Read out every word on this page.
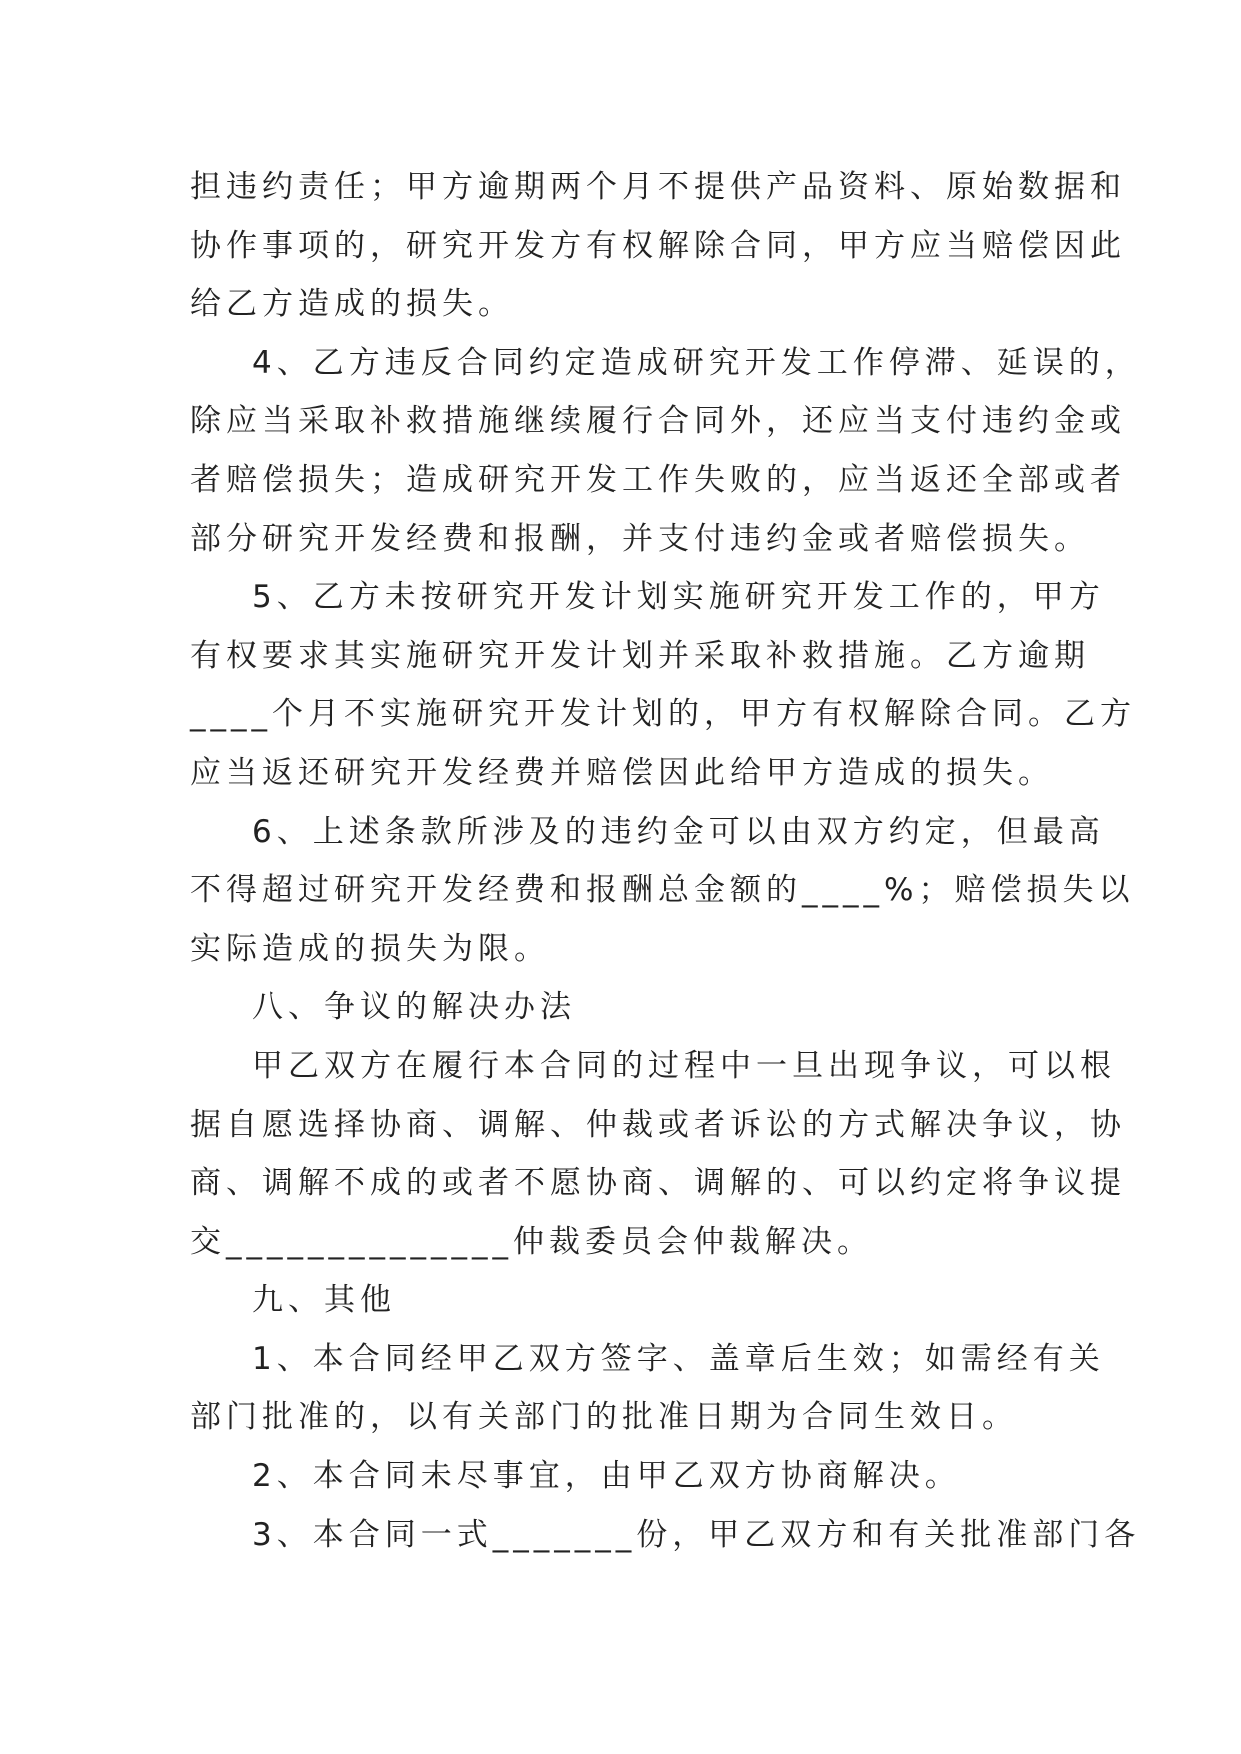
担违约责任；甲方逾期两个月不提供产品资料、原始数据和
协作事项的，研究开发方有权解除合同，甲方应当赔偿因此
给乙方造成的损失。
4、乙方违反合同约定造成研究开发工作停滞、延误的，
除应当采取补救措施继续履行合同外，还应当支付违约金或
者赔偿损失；造成研究开发工作失败的，应当返还全部或者
部分研究开发经费和报酬，并支付违约金或者赔偿损失。
5、乙方未按研究开发计划实施研究开发工作的，甲方
有权要求其实施研究开发计划并采取补救措施。乙方逾期
____个月不实施研究开发计划的，甲方有权解除合同。乙方
应当返还研究开发经费并赔偿因此给甲方造成的损失。
6、上述条款所涉及的违约金可以由双方约定，但最高
不得超过研究开发经费和报酬总金额的____%；赔偿损失以
实际造成的损失为限。
八、争议的解决办法
甲乙双方在履行本合同的过程中一旦出现争议，可以根
据自愿选择协商、调解、仲裁或者诉讼的方式解决争议，协
商、调解不成的或者不愿协商、调解的、可以约定将争议提
交______________仲裁委员会仲裁解决。
九、其他
1、本合同经甲乙双方签字、盖章后生效；如需经有关
部门批准的，以有关部门的批准日期为合同生效日。
2、本合同未尽事宜，由甲乙双方协商解决。
3、本合同一式_______份，甲乙双方和有关批准部门各
